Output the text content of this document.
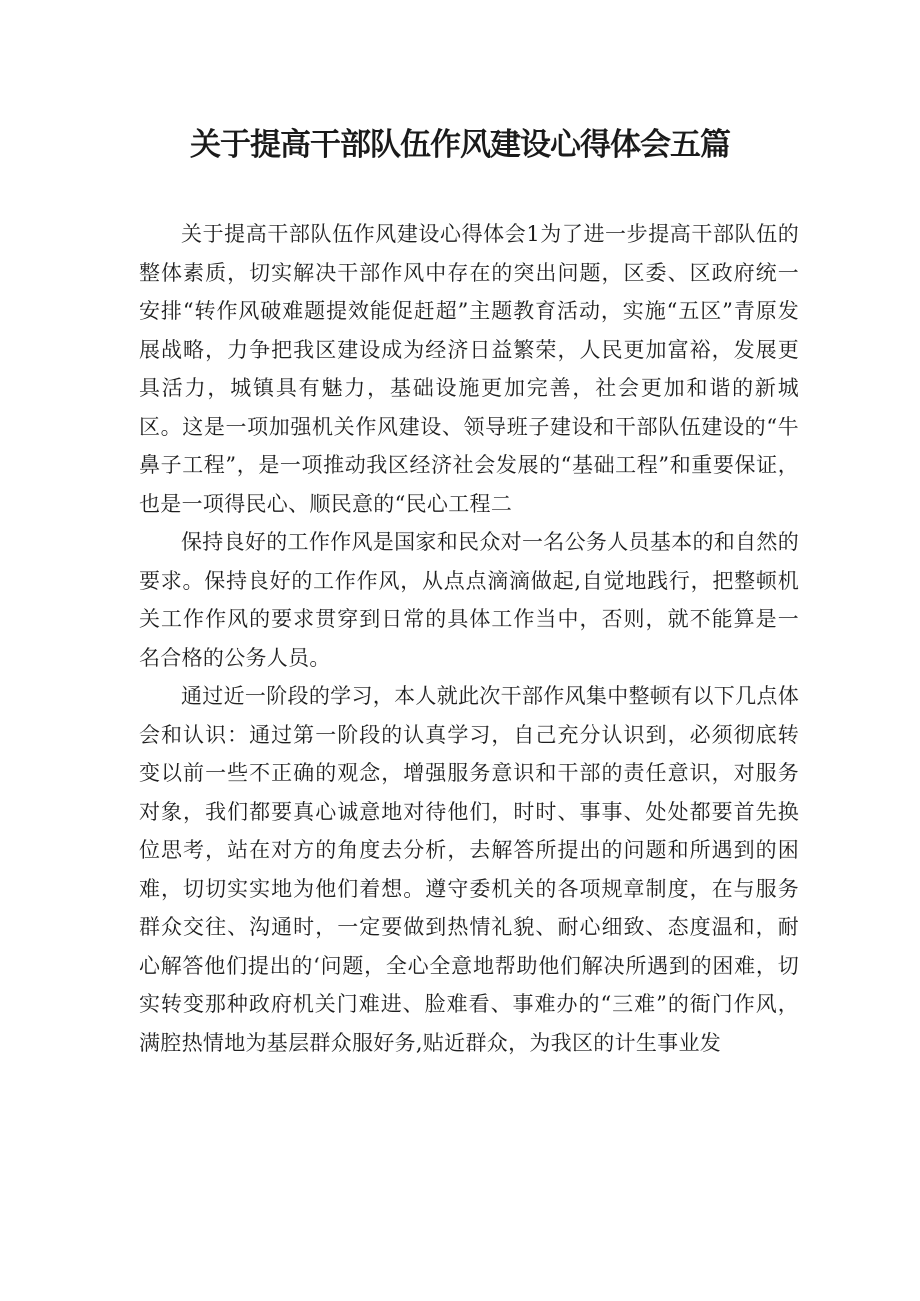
关于提高干部队伍作风建设心得体会五篇

关于提高干部队伍作风建设心得体会1为了进一步提高干部队伍的整体素质，切实解决干部作风中存在的突出问题，区委、区政府统一安排“转作风破难题提效能促赶超”主题教育活动，实施“五区”青原发展战略，力争把我区建设成为经济日益繁荣，人民更加富裕，发展更具活力，城镇具有魅力，基础设施更加完善，社会更加和谐的新城区。这是一项加强机关作风建设、领导班子建设和干部队伍建设的“牛鼻子工程”，是一项推动我区经济社会发展的“基础工程”和重要保证，也是一项得民心、顺民意的“民心工程二

保持良好的工作作风是国家和民众对一名公务人员基本的和自然的要求。保持良好的工作作风，从点点滴滴做起,自觉地践行，把整顿机关工作作风的要求贯穿到日常的具体工作当中，否则，就不能算是一名合格的公务人员。

通过近一阶段的学习，本人就此次干部作风集中整顿有以下几点体会和认识：通过第一阶段的认真学习，自己充分认识到，必须彻底转变以前一些不正确的观念，增强服务意识和干部的责任意识，对服务对象，我们都要真心诚意地对待他们，时时、事事、处处都要首先换位思考，站在对方的角度去分析，去解答所提出的问题和所遇到的困难，切切实实地为他们着想。遵守委机关的各项规章制度，在与服务群众交往、沟通时，一定要做到热情礼貌、耐心细致、态度温和，耐心解答他们提出的‘问题，全心全意地帮助他们解决所遇到的困难，切实转变那种政府机关门难进、脸难看、事难办的“三难”的衙门作风，满腔热情地为基层群众服好务,贴近群众，为我区的计生事业发
